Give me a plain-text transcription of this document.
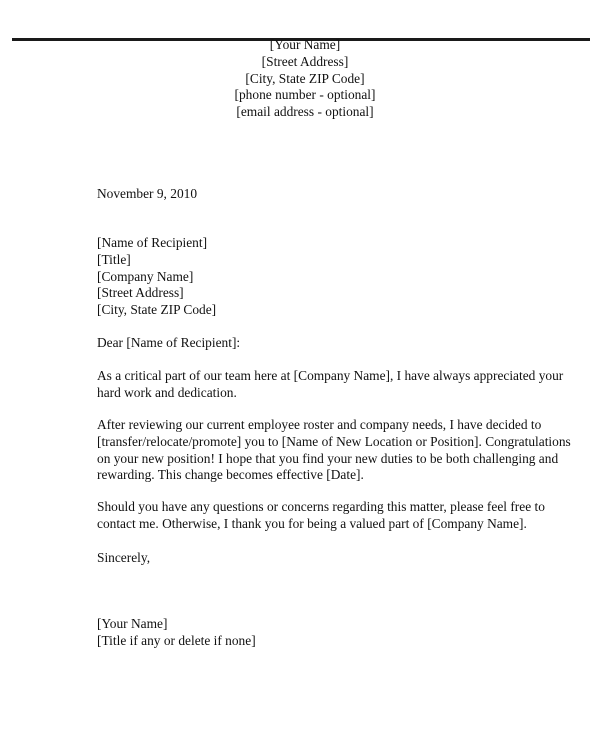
[Your Name]
[Street Address]
[City, State ZIP Code]
[phone number - optional]
[email address - optional]
November 9, 2010
[Name of Recipient]
[Title]
[Company Name]
[Street Address]
[City, State ZIP Code]
Dear [Name of Recipient]:
As a critical part of our team here at [Company Name], I have always appreciated your
hard work and dedication.
After reviewing our current employee roster and company needs, I have decided to
[transfer/relocate/promote] you to [Name of New Location or Position]. Congratulations
on your new position! I hope that you find your new duties to be both challenging and
rewarding. This change becomes effective [Date].
Should you have any questions or concerns regarding this matter, please feel free to
contact me. Otherwise, I thank you for being a valued part of [Company Name].
Sincerely,
[Your Name]
[Title if any or delete if none]
